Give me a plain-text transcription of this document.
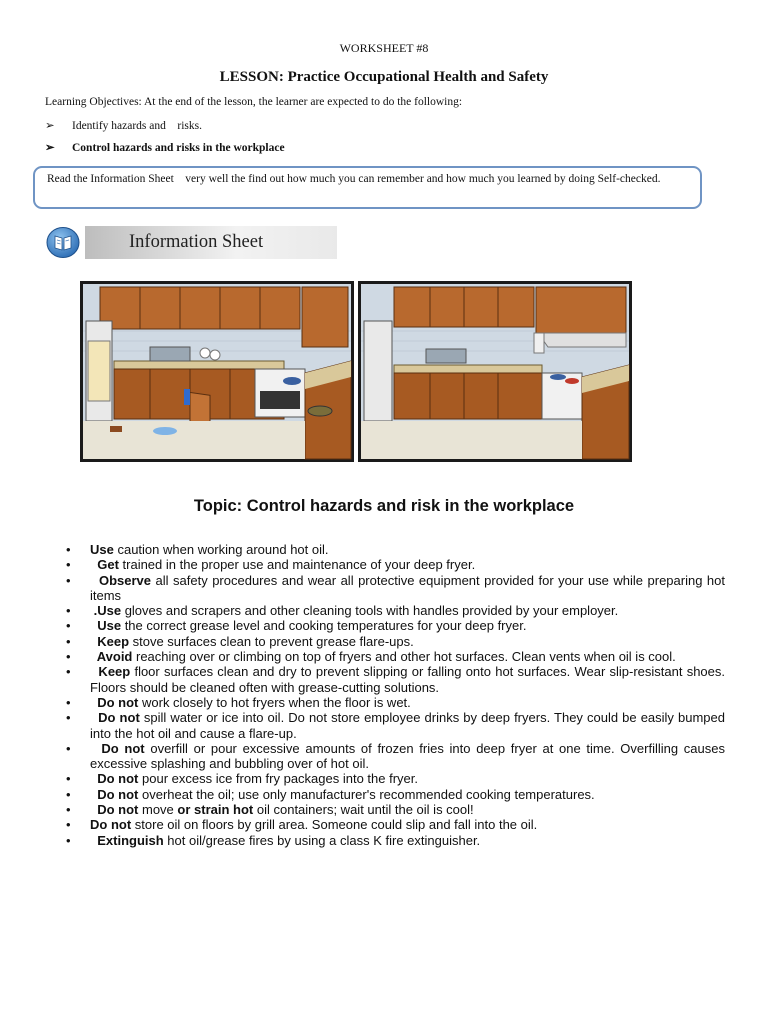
WORKSHEET #8
LESSON: Practice Occupational Health and Safety
Learning Objectives: At the end of the lesson, the learner are expected to do the following:
➢ Identify hazards and    risks.
➢ Control hazards and risks in the workplace
Read the Information Sheet    very well the find out how much you can remember and how much you learned by doing Self-checked.
Information Sheet
Topic: Control hazards and risk in the workplace
• Use caution when working around hot oil.
•   Get trained in the proper use and maintenance of your deep fryer.
•   Observe all safety procedures and wear all protective equipment provided for your use while preparing hot items
•  .Use gloves and scrapers and other cleaning tools with handles provided by your employer.
•   Use the correct grease level and cooking temperatures for your deep fryer.
•   Keep stove surfaces clean to prevent grease flare-ups.
•   Avoid reaching over or climbing on top of fryers and other hot surfaces. Clean vents when oil is cool.
•   Keep floor surfaces clean and dry to prevent slipping or falling onto hot surfaces. Wear slip-resistant shoes. Floors should be cleaned often with grease-cutting solutions.
•   Do not work closely to hot fryers when the floor is wet.
•   Do not spill water or ice into oil. Do not store employee drinks by deep fryers. They could be easily bumped into the hot oil and cause a flare-up.
•   Do not overfill or pour excessive amounts of frozen fries into deep fryer at one time. Overfilling causes excessive splashing and bubbling over of hot oil.
•   Do not pour excess ice from fry packages into the fryer.
•   Do not overheat the oil; use only manufacturer's recommended cooking temperatures.
•   Do not move or strain hot oil containers; wait until the oil is cool!
• Do not store oil on floors by grill area. Someone could slip and fall into the oil.
•   Extinguish hot oil/grease fires by using a class K fire extinguisher.
